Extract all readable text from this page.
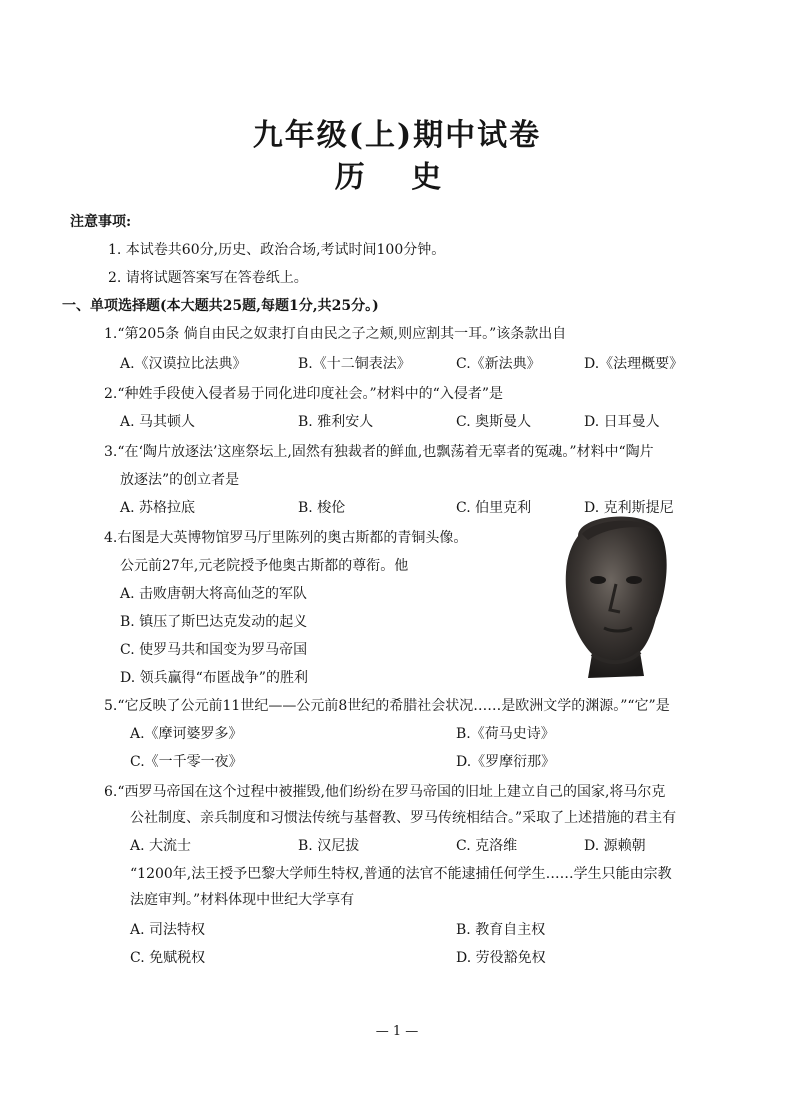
九年级(上)期中试卷
历 史
注意事项:
1. 本试卷共60分,历史、政治合场,考试时间100分钟。
2. 请将试题答案写在答卷纸上。
一、单项选择题(本大题共25题,每题1分,共25分。)
1.“第205条 倘自由民之奴隶打自由民之子之颊,则应割其一耳。”该条款出自
A.《汉谟拉比法典》	B.《十二铜表法》	C.《新法典》	D.《法理概要》
2.“种姓手段使入侵者易于同化进印度社会。”材料中的“入侵者”是
A. 马其顿人	B. 雅利安人	C. 奥斯曼人	D. 日耳曼人
3.“在‘陶片放逐法’这座祭坛上,固然有独裁者的鲜血,也飘荡着无辜者的冤魂。”材料中“陶片
放逐法”的创立者是
A. 苏格拉底	B. 梭伦	C. 伯里克利	D. 克利斯提尼
4.右图是大英博物馆罗马厅里陈列的奥古斯都的青铜头像。
公元前27年,元老院授予他奥古斯都的尊衔。他
A. 击败唐朝大将高仙芝的军队
B. 镇压了斯巴达克发动的起义
C. 使罗马共和国变为罗马帝国
D. 领兵赢得“布匿战争”的胜利
5.“它反映了公元前11世纪——公元前8世纪的希腊社会状况……是欧洲文学的渊源。”“它”是
A.《摩诃婆罗多》	B.《荷马史诗》
C.《一千零一夜》	D.《罗摩衍那》
6.“西罗马帝国在这个过程中被摧毁,他们纷纷在罗马帝国的旧址上建立自己的国家,将马尔克
公社制度、亲兵制度和习惯法传统与基督教、罗马传统相结合。”采取了上述措施的君主有
A. 大流士	B. 汉尼拔	C. 克洛维	D. 源赖朝
“1200年,法王授予巴黎大学师生特权,普通的法官不能逮捕任何学生……学生只能由宗教
法庭审判。”材料体现中世纪大学享有
A. 司法特权	B. 教育自主权
C. 免赋税权	D. 劳役豁免权
— 1 —
